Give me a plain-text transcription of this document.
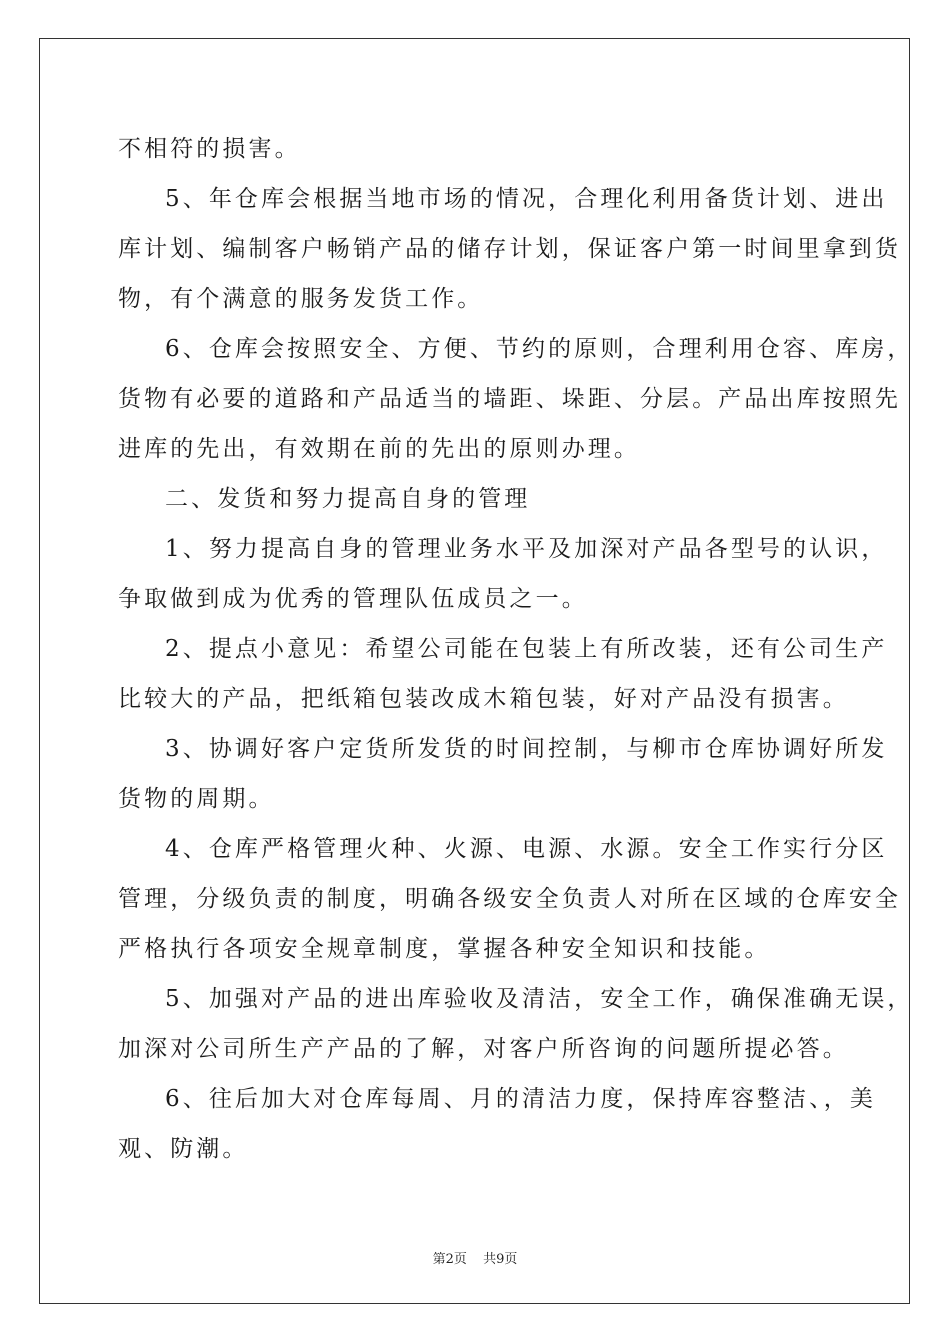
不相符的损害。
5、年仓库会根据当地市场的情况，合理化利用备货计划、进出
库计划、编制客户畅销产品的储存计划，保证客户第一时间里拿到货
物，有个满意的服务发货工作。
6、仓库会按照安全、方便、节约的原则，合理利用仓容、库房，
货物有必要的道路和产品适当的墙距、垛距、分层。产品出库按照先
进库的先出，有效期在前的先出的原则办理。
二、发货和努力提高自身的管理
1、努力提高自身的管理业务水平及加深对产品各型号的认识，
争取做到成为优秀的管理队伍成员之一。
2、提点小意见：希望公司能在包装上有所改装，还有公司生产
比较大的产品，把纸箱包装改成木箱包装，好对产品没有损害。
3、协调好客户定货所发货的时间控制，与柳市仓库协调好所发
货物的周期。
4、仓库严格管理火种、火源、电源、水源。安全工作实行分区
管理，分级负责的制度，明确各级安全负责人对所在区域的仓库安全
严格执行各项安全规章制度，掌握各种安全知识和技能。
5、加强对产品的进出库验收及清洁，安全工作，确保准确无误，
加深对公司所生产产品的了解，对客户所咨询的问题所提必答。
6、往后加大对仓库每周、月的清洁力度，保持库容整洁、，美
观、防潮。
第2页 共9页
